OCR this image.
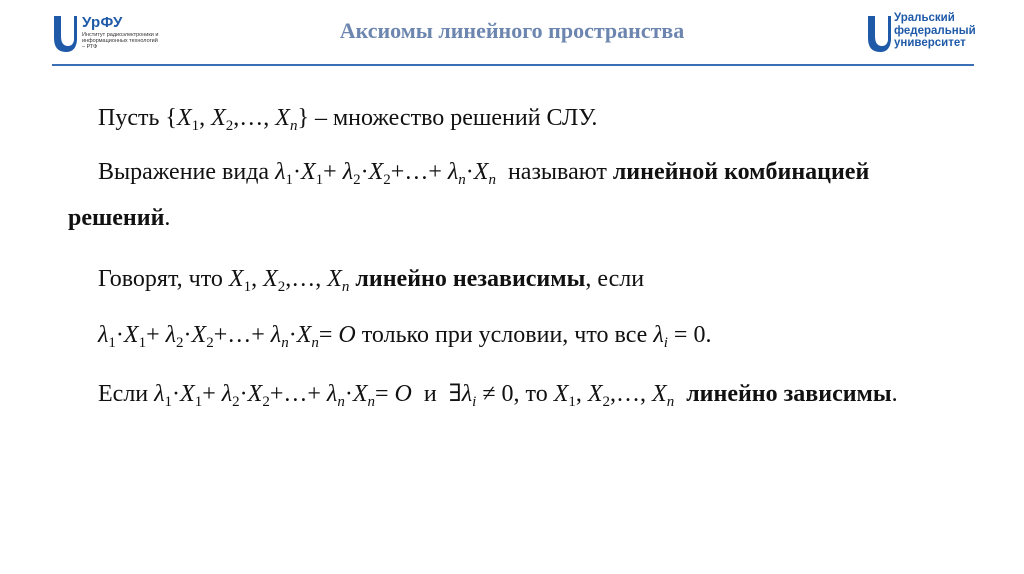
УрФУ
Институт радиоэлектроники и информационных технологий – РТФ
Аксиомы линейного пространства	Уральский
федеральный
университет
Пусть {$X_1$, $X_2,\dots$, $X_n$} – множество решений СЛУ.
Выражение вида $\lambda_1\cdot X_1+$ $\lambda_2\cdot X_2+\dots+ \lambda_n\cdot X_n$ называют линейной комбинацией
решений.
Говорят, что $X_1$, $X_2,\dots$, $X_n$ линейно независимы, если
$\lambda_1\cdot X_1+$ $\lambda_2\cdot X_2+\dots+ \lambda_n\cdot X_n= O$ только при условии, что все $\lambda_i = 0$.
Если $\lambda_1\cdot X_1+$ $\lambda_2\cdot X_2+\dots+ \lambda_n\cdot X_n= O$ и  $\exists\lambda_i \ne 0$, то $X_1$, $X_2,\dots$, $X_n$ линейно зависимы.
